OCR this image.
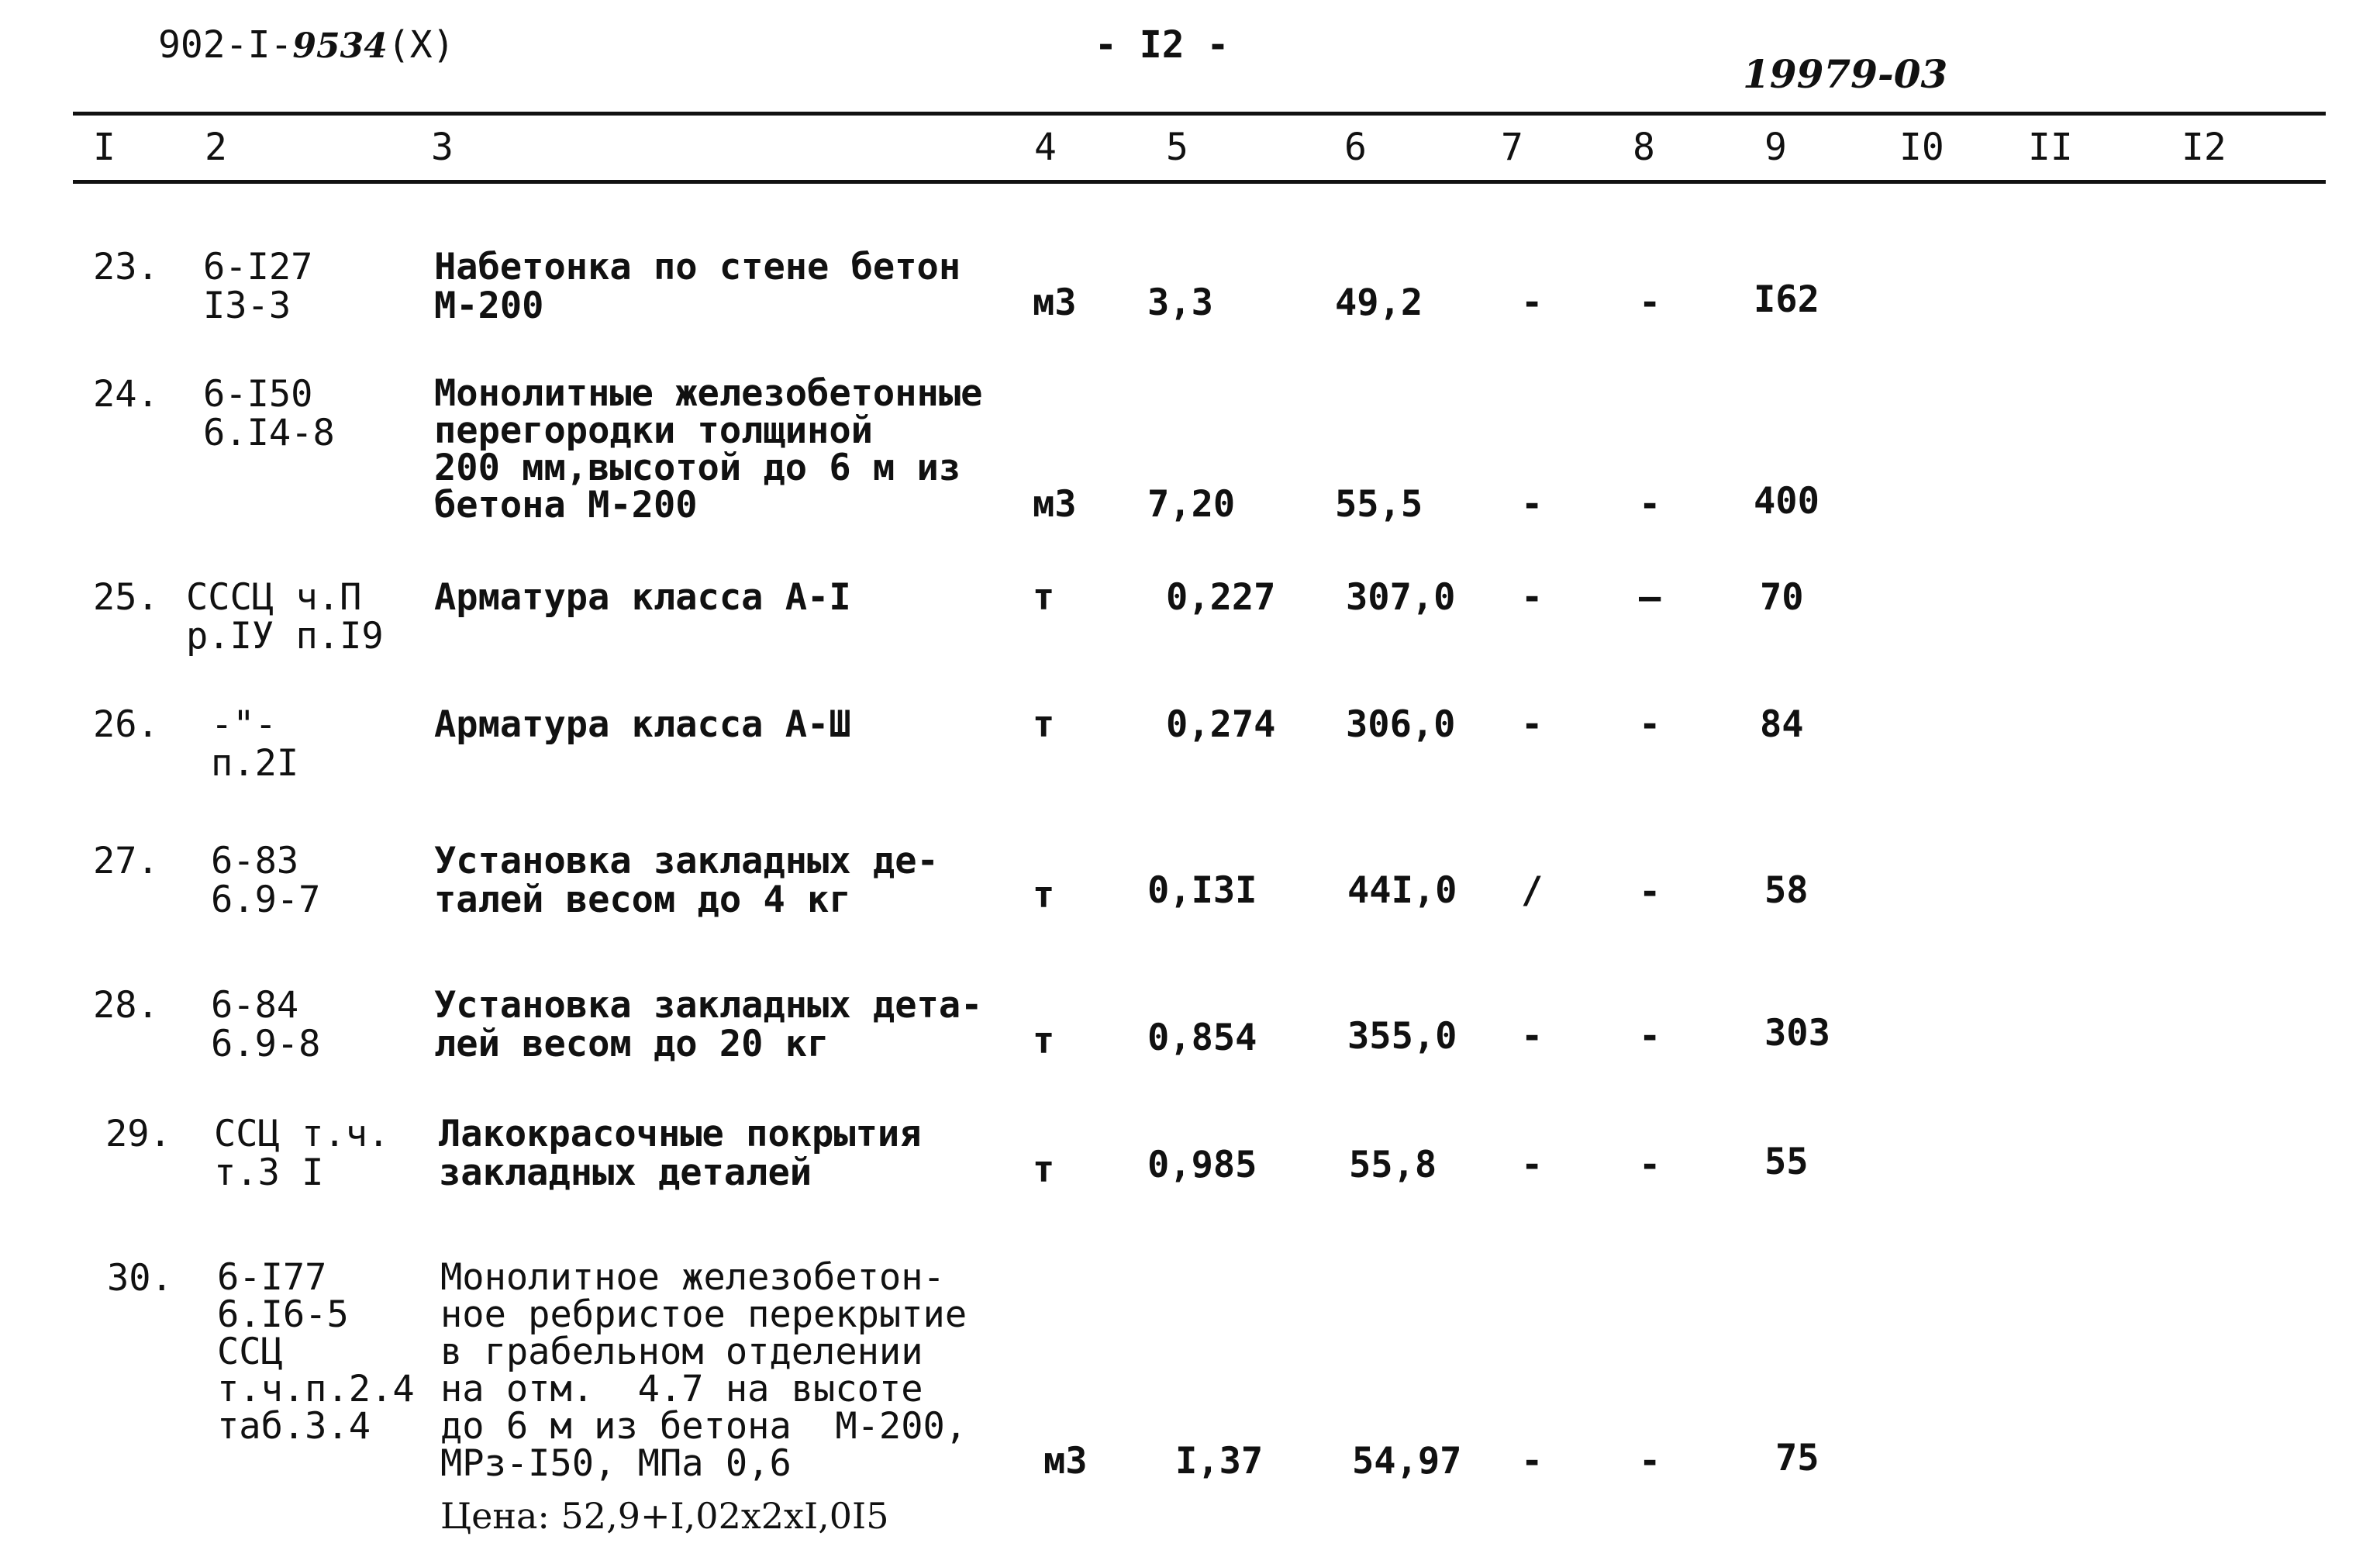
902-I-9534(X)	- I2 -
19979-03
I 2	3	4	5	6	7	8	9	I0 II	I2
23. 6-I27
I3-3
Набетонка по стене бетон
М-200	м3 3,3	49,2	-	-	I62
24. 6-I50
6.I4-8
Монолитные железобетонные
перегородки толщиной
200 мм,высотой до 6 м из
бетона М-200	м3 7,20	55,5	-	-	400
25. СССЦ ч.П
р.IУ п.I9
Арматура класса А-I	т	0,227 307,0 -	—	70
26. -"-
п.2I
Арматура класса А-Ш	т	0,274 306,0 -	-	84
27. 6-83
6.9-7
Установка закладных де-
талей весом до 4 кг	т	0,I3I 44I,0 /	-	58
28. 6-84
6.9-8
Установка закладных дета-
лей весом до 20 кг	т	0,854 355,0 -	-	303
29. ССЦ т.ч.
т.3 I
Лакокрасочные покрытия
закладных деталей	т	0,985	55,8 -	-	55
30. 6-I77
6.I6-5
ССЦ
т.ч.п.2.4
таб.3.4
Монолитное железобетон-
ное ребристое перекрытие
в грабельном отделении
на отм.  4.7 на высоте
до 6 м из бетона  М-200,
МРз-I50, МПа 0,6	м3 I,37 54,97 -	-	75
Цена: 52,9+I,02х2хI,0I5
